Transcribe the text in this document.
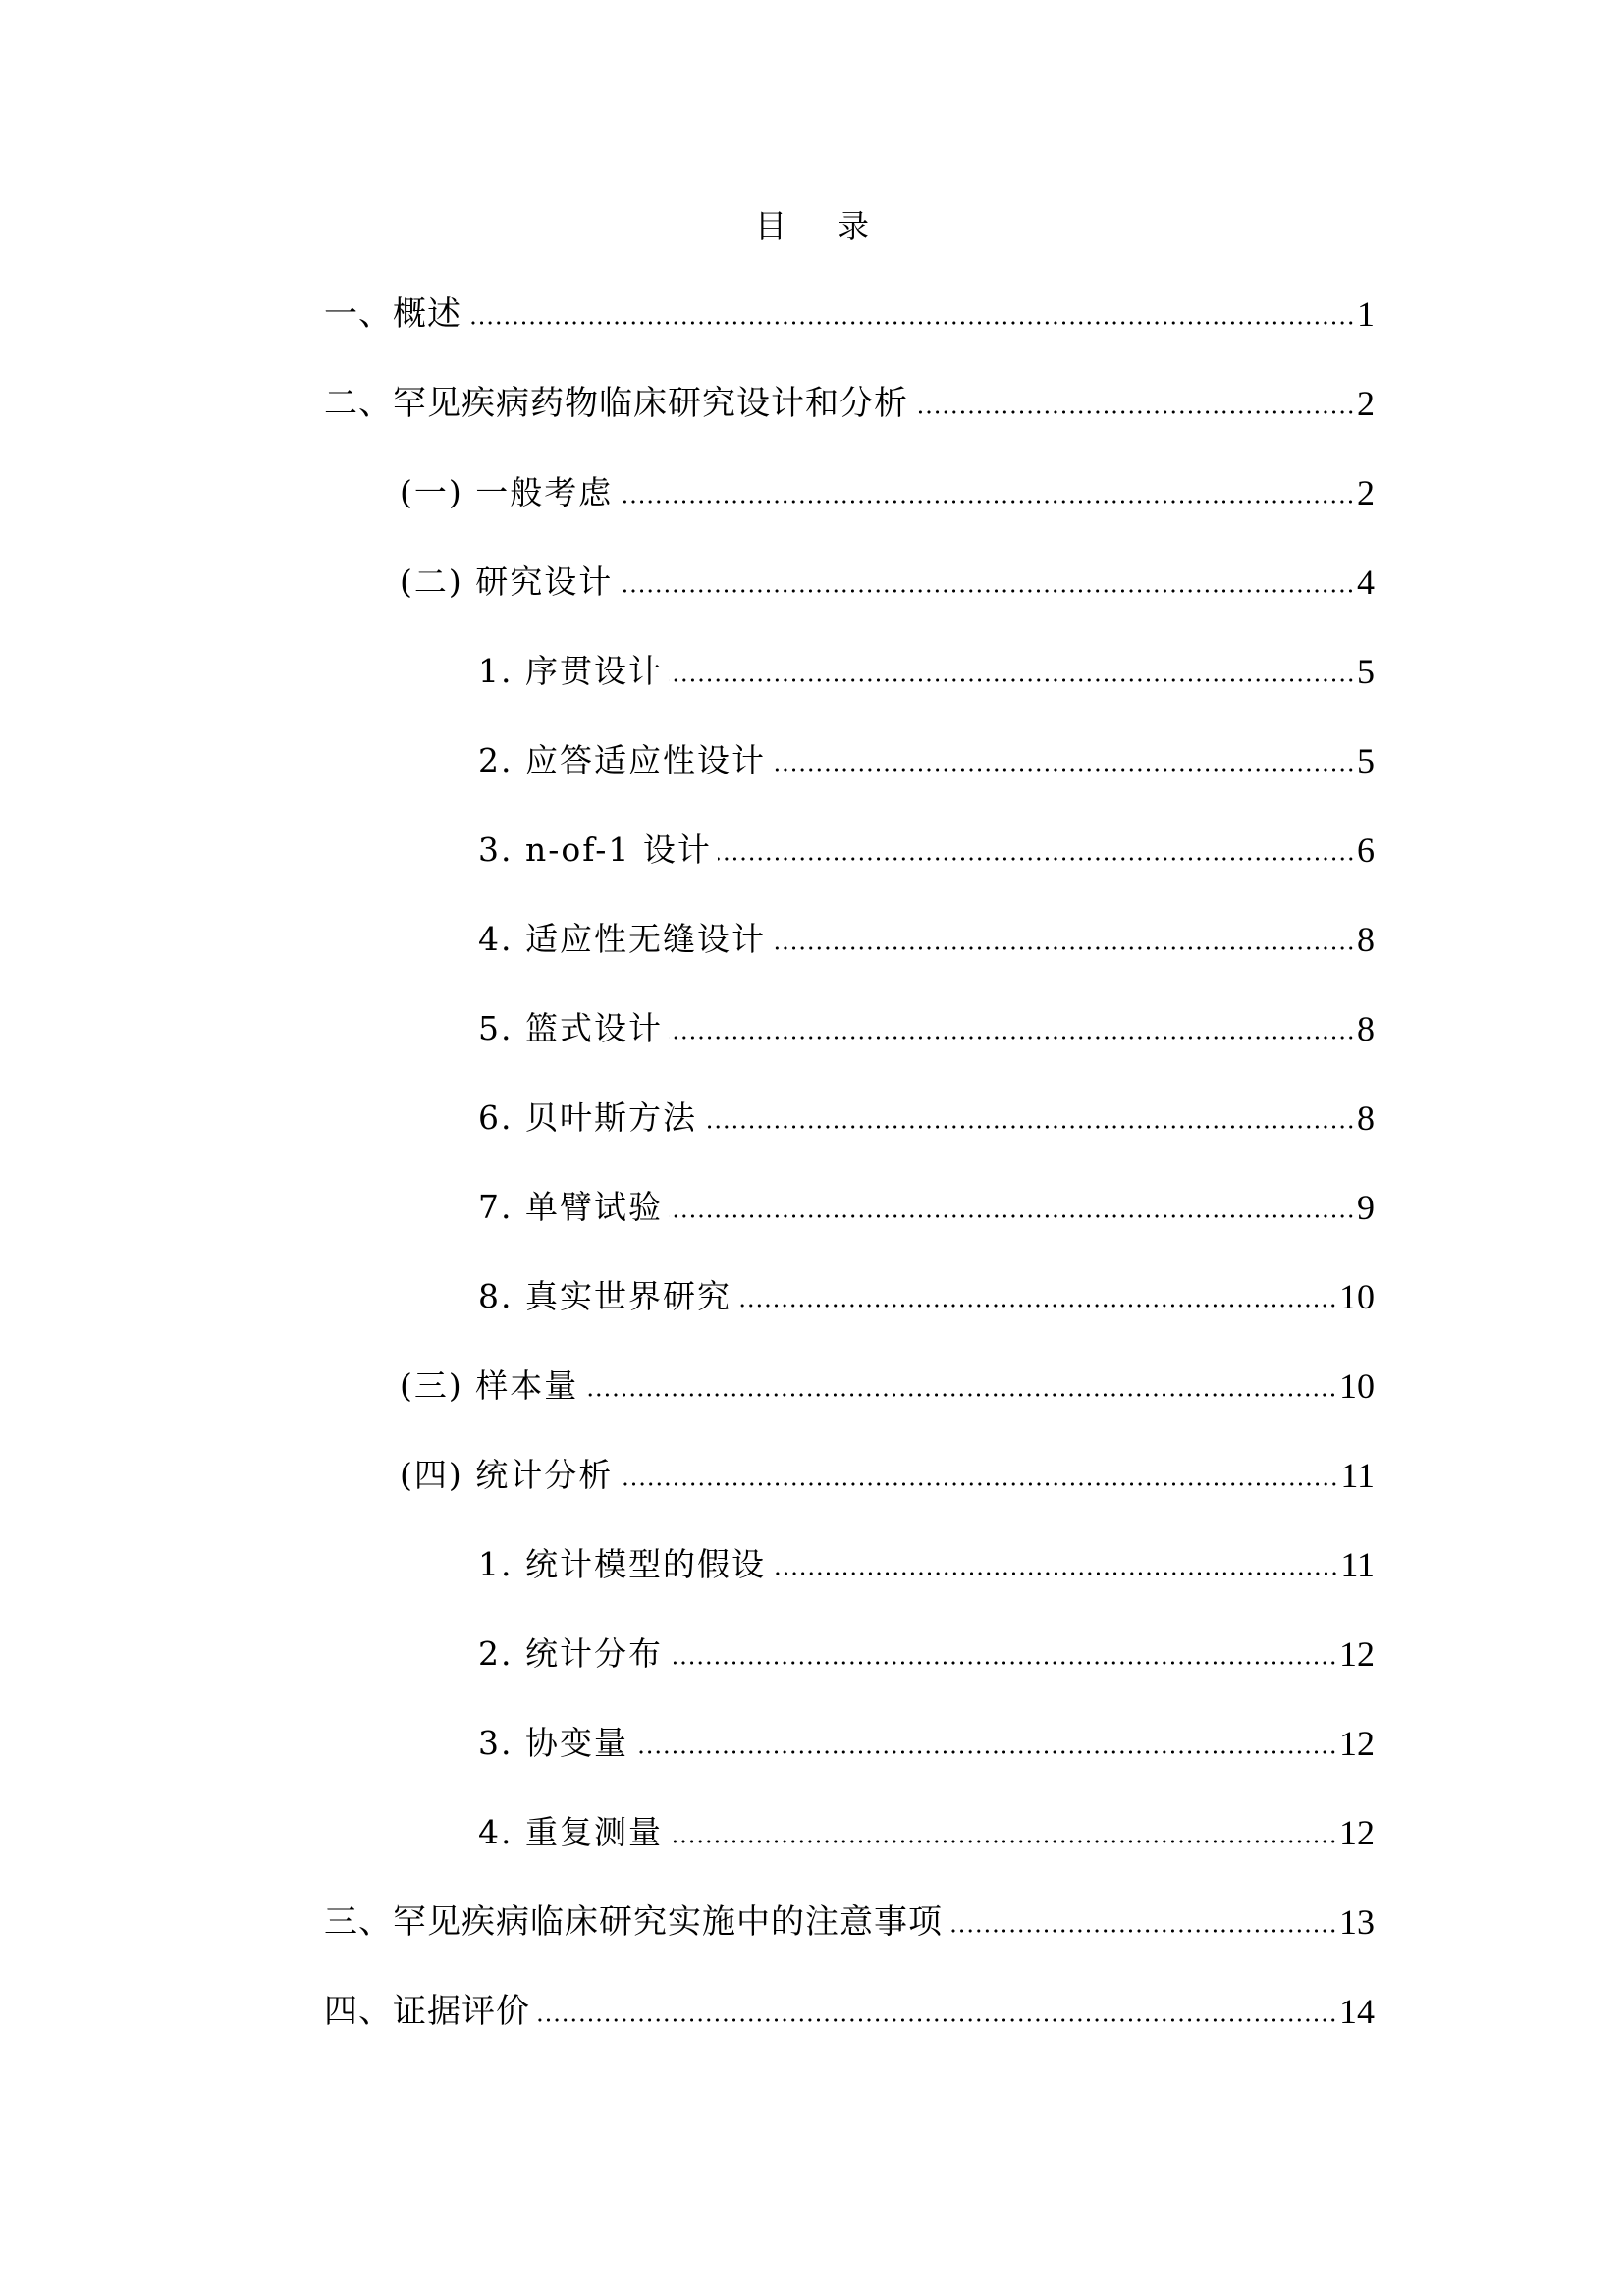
目 录
一、概述	1
二、罕见疾病药物临床研究设计和分析	2
(一) 一般考虑	2
(二) 研究设计	4
1. 序贯设计	5
2. 应答适应性设计	5
3. n-of-1 设计	6
4. 适应性无缝设计	8
5. 篮式设计	8
6. 贝叶斯方法	8
7. 单臂试验	9
8. 真实世界研究	10
(三) 样本量	10
(四) 统计分析	11
1. 统计模型的假设	11
2. 统计分布	12
3. 协变量	12
4. 重复测量	12
三、罕见疾病临床研究实施中的注意事项	13
四、证据评价	14
